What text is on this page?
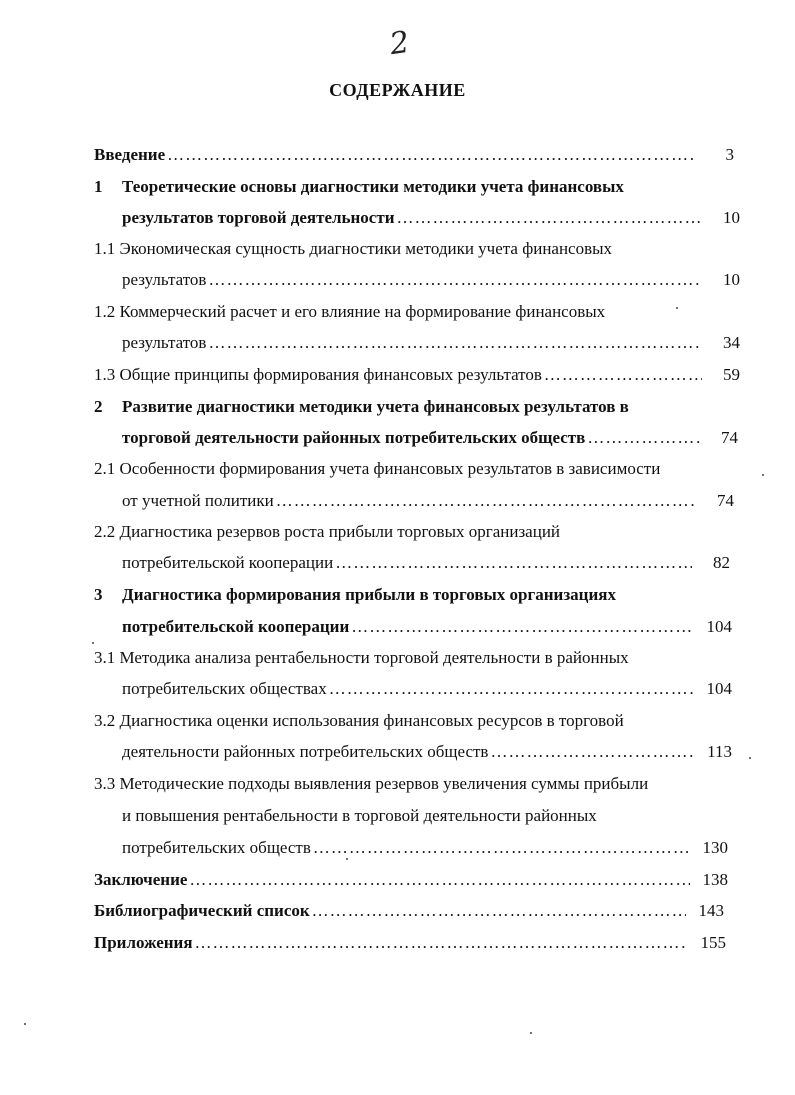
2
СОДЕРЖАНИЕ
Введение ………………………………………………………………………………………………………………………………	3
1 Теоретические основы диагностики методики учета финансовых
результатов торговой деятельности ………………………………………………………………………………………………………………………………	10
1.1 Экономическая сущность диагностики методики учета финансовых
результатов ………………………………………………………………………………………………………………………………	10
1.2 Коммерческий расчет и его влияние на формирование финансовых
результатов ………………………………………………………………………………………………………………………………	34
1.3 Общие принципы формирования финансовых результатов ………………………………………………………………………………………………………………………………	59
2 Развитие диагностики методики учета финансовых результатов в
торговой деятельности районных потребительских обществ ………………………………………………………………………………………………………………………………	74
2.1 Особенности формирования учета финансовых результатов в зависимости
от учетной политики ………………………………………………………………………………………………………………………………	74
2.2 Диагностика резервов роста прибыли торговых организаций
потребительской кооперации ………………………………………………………………………………………………………………………………	82
3 Диагностика формирования прибыли в торговых организациях
потребительской кооперации ………………………………………………………………………………………………………………………………	104
3.1 Методика анализа рентабельности торговой деятельности в районных
потребительских обществах ………………………………………………………………………………………………………………………………	104
3.2 Диагностика оценки использования финансовых ресурсов в торговой
деятельности районных потребительских обществ ………………………………………………………………………………………………………………………………	113
3.3 Методические подходы выявления резервов увеличения суммы прибыли
и повышения рентабельности в торговой деятельности районных
потребительских обществ ………………………………………………………………………………………………………………………………	130
Заключение ………………………………………………………………………………………………………………………………	138
Библиографический список ………………………………………………………………………………………………………………………………	143
Приложения ………………………………………………………………………………………………………………………………	155
